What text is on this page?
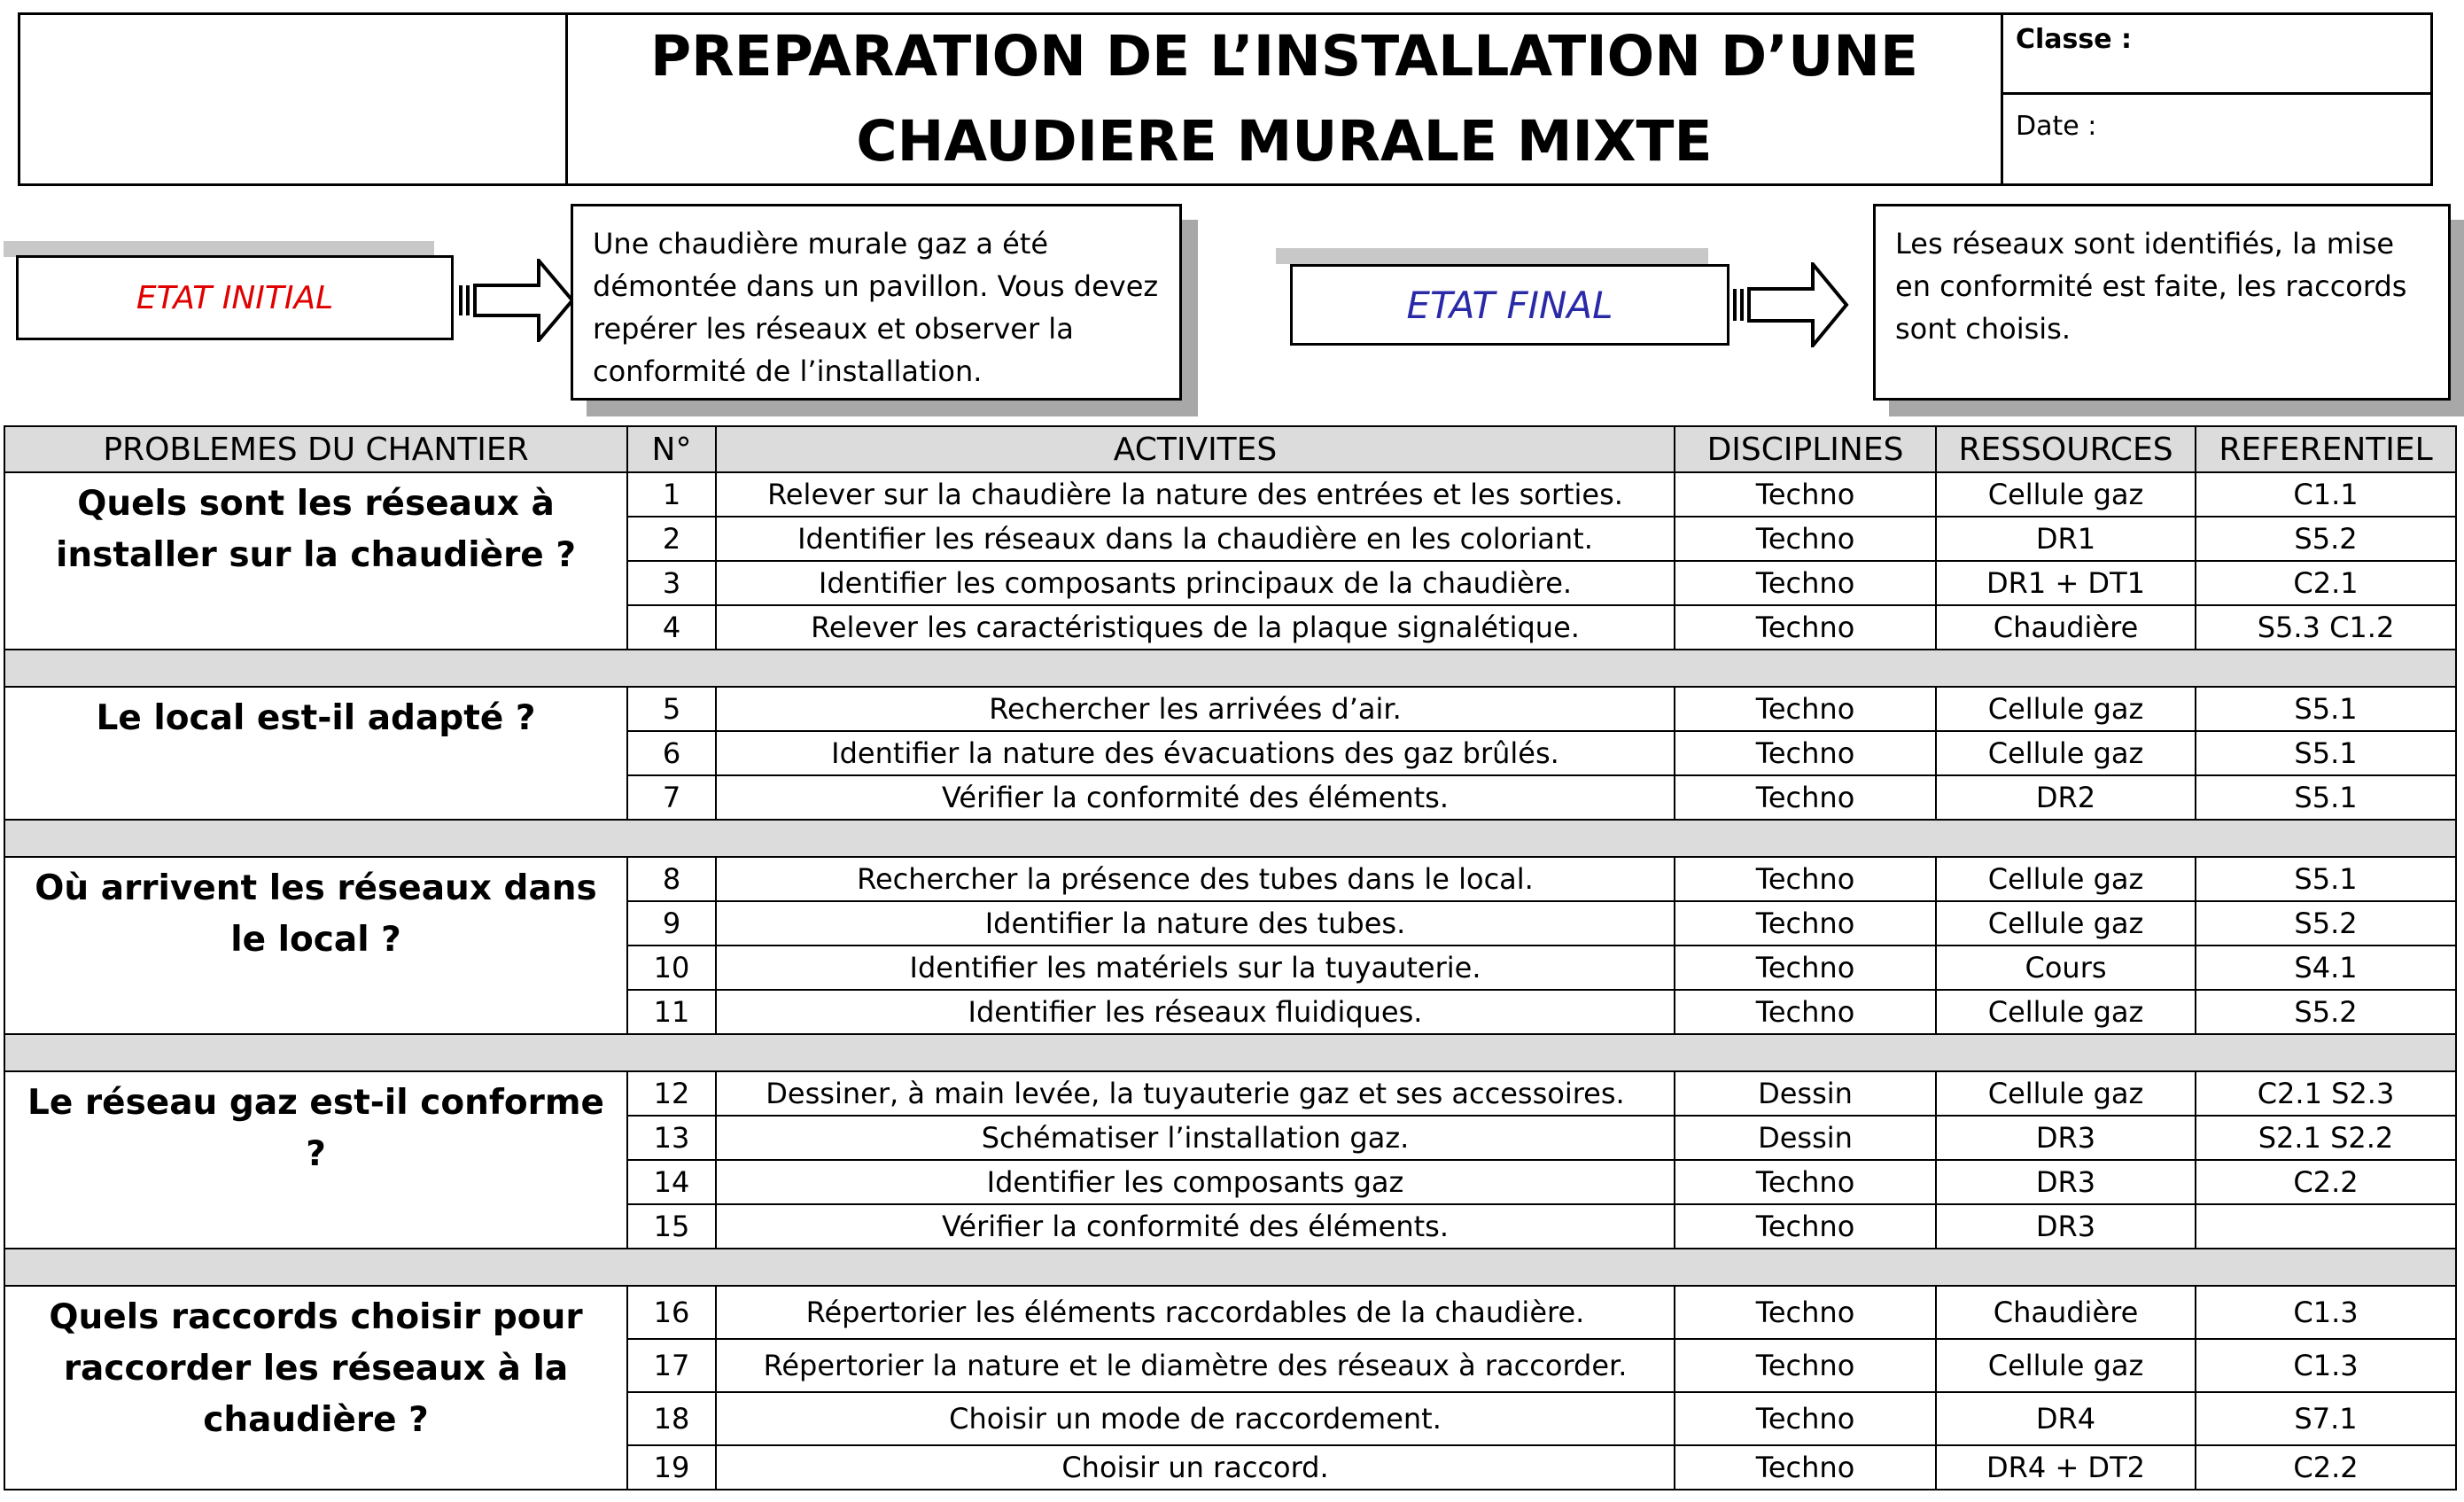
PREPARATION DE L’INSTALLATION D’UNE
CHAUDIERE MURALE MIXTE
Classe :
Date :
ETAT INITIAL
Une chaudière murale gaz a été démontée dans un pavillon. Vous devez repérer les réseaux et observer la conformité de l’installation.
ETAT FINAL
Les réseaux sont identifiés, la mise en conformité est faite, les raccords sont choisis.
PROBLEMES DU CHANTIER	N°	ACTIVITES	DISCIPLINES	RESSOURCES	REFERENTIEL
Quels sont les réseaux à installer sur la chaudière ?	1	Relever sur la chaudière la nature des entrées et les sorties.	Techno	Cellule gaz	C1.1
	2	Identifier les réseaux dans la chaudière en les coloriant.	Techno	DR1	S5.2
	3	Identifier les composants principaux de la chaudière.	Techno	DR1 + DT1	C2.1
	4	Relever les caractéristiques de la plaque signalétique.	Techno	Chaudière	S5.3 C1.2

Le local est-il adapté ?	5	Rechercher les arrivées d’air.	Techno	Cellule gaz	S5.1
	6	Identifier la nature des évacuations des gaz brûlés.	Techno	Cellule gaz	S5.1
	7	Vérifier la conformité des éléments.	Techno	DR2	S5.1

Où arrivent les réseaux dans le local ?	8	Rechercher la présence des tubes dans le local.	Techno	Cellule gaz	S5.1
	9	Identifier la nature des tubes.	Techno	Cellule gaz	S5.2
	10	Identifier les matériels sur la tuyauterie.	Techno	Cours	S4.1
	11	Identifier les réseaux fluidiques.	Techno	Cellule gaz	S5.2

Le réseau gaz est-il conforme ?	12	Dessiner, à main levée, la tuyauterie gaz et ses accessoires.	Dessin	Cellule gaz	C2.1 S2.3
	13	Schématiser l’installation gaz.	Dessin	DR3	S2.1 S2.2
	14	Identifier les composants gaz	Techno	DR3	C2.2
	15	Vérifier la conformité des éléments.	Techno	DR3	

Quels raccords choisir pour raccorder les réseaux à la chaudière ?	16	Répertorier les éléments raccordables de la chaudière.	Techno	Chaudière	C1.3
	17	Répertorier la nature et le diamètre des réseaux à raccorder.	Techno	Cellule gaz	C1.3
	18	Choisir un mode de raccordement.	Techno	DR4	S7.1
	19	Choisir un raccord.	Techno	DR4 + DT2	C2.2
